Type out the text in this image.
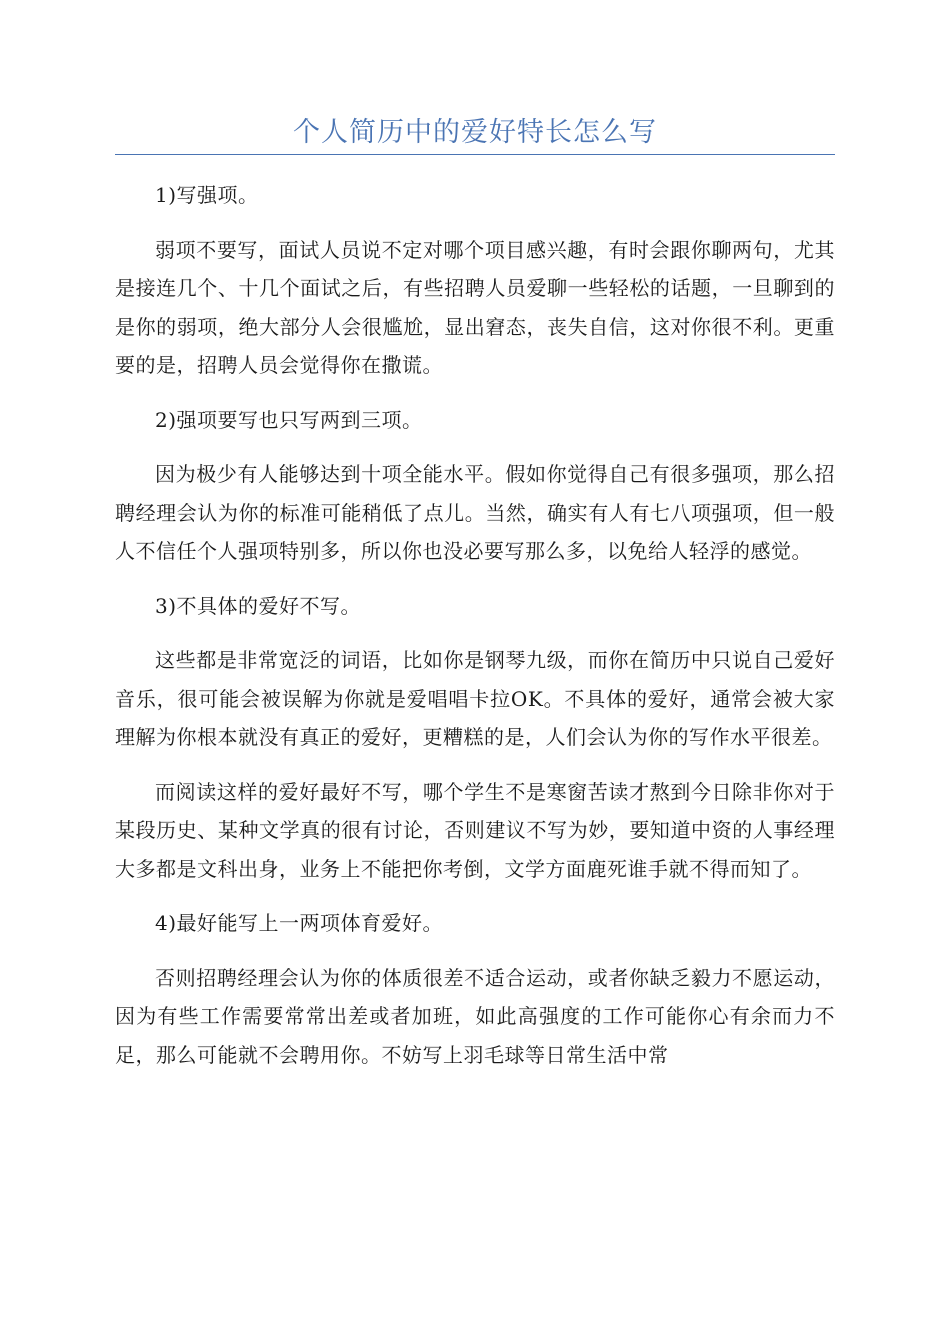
个人简历中的爱好特长怎么写

1)写强项。

弱项不要写，面试人员说不定对哪个项目感兴趣，有时会跟你聊两句，尤其是接连几个、十几个面试之后，有些招聘人员爱聊一些轻松的话题，一旦聊到的是你的弱项，绝大部分人会很尴尬，显出窘态，丧失自信，这对你很不利。更重要的是，招聘人员会觉得你在撒谎。

2)强项要写也只写两到三项。

因为极少有人能够达到十项全能水平。假如你觉得自己有很多强项，那么招聘经理会认为你的标准可能稍低了点儿。当然，确实有人有七八项强项，但一般人不信任个人强项特别多，所以你也没必要写那么多，以免给人轻浮的感觉。

3)不具体的爱好不写。

这些都是非常宽泛的词语，比如你是钢琴九级，而你在简历中只说自己爱好音乐，很可能会被误解为你就是爱唱唱卡拉OK。不具体的爱好，通常会被大家理解为你根本就没有真正的爱好，更糟糕的是，人们会认为你的写作水平很差。

而阅读这样的爱好最好不写，哪个学生不是寒窗苦读才熬到今日除非你对于某段历史、某种文学真的很有讨论，否则建议不写为妙，要知道中资的人事经理大多都是文科出身，业务上不能把你考倒，文学方面鹿死谁手就不得而知了。

4)最好能写上一两项体育爱好。

否则招聘经理会认为你的体质很差不适合运动，或者你缺乏毅力不愿运动，因为有些工作需要常常出差或者加班，如此高强度的工作可能你心有余而力不足，那么可能就不会聘用你。不妨写上羽毛球等日常生活中常
